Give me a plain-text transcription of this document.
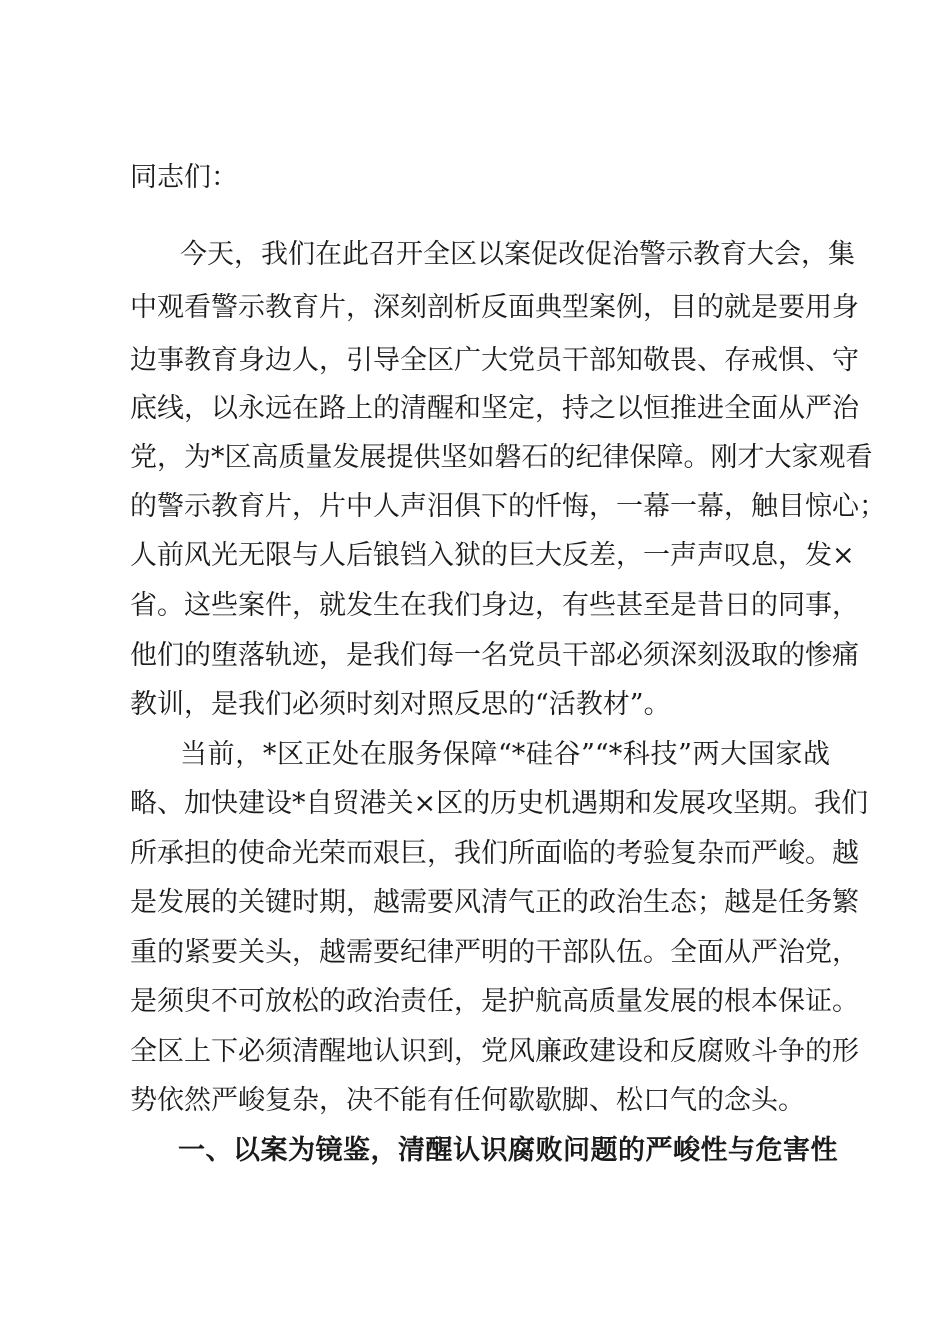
同志们：
今天，我们在此召开全区以案促改促治警示教育大会，集
中观看警示教育片，深刻剖析反面典型案例，目的就是要用身
边事教育身边人，引导全区广大党员干部知敬畏、存戒惧、守
底线，以永远在路上的清醒和坚定，持之以恒推进全面从严治
党，为*区高质量发展提供坚如磐石的纪律保障。刚才大家观看
的警示教育片，片中人声泪俱下的忏悔，一幕一幕，触目惊心；
人前风光无限与人后锒铛入狱的巨大反差，一声声叹息，发×
省。这些案件，就发生在我们身边，有些甚至是昔日的同事，
他们的堕落轨迹，是我们每一名党员干部必须深刻汲取的惨痛
教训，是我们必须时刻对照反思的“活教材”。
当前，*区正处在服务保障“*硅谷”“*科技”两大国家战
略、加快建设*自贸港关×区的历史机遇期和发展攻坚期。我们
所承担的使命光荣而艰巨，我们所面临的考验复杂而严峻。越
是发展的关键时期，越需要风清气正的政治生态；越是任务繁
重的紧要关头，越需要纪律严明的干部队伍。全面从严治党，
是须臾不可放松的政治责任，是护航高质量发展的根本保证。
全区上下必须清醒地认识到，党风廉政建设和反腐败斗争的形
势依然严峻复杂，决不能有任何歇歇脚、松口气的念头。
一、以案为镜鉴，清醒认识腐败问题的严峻性与危害性
